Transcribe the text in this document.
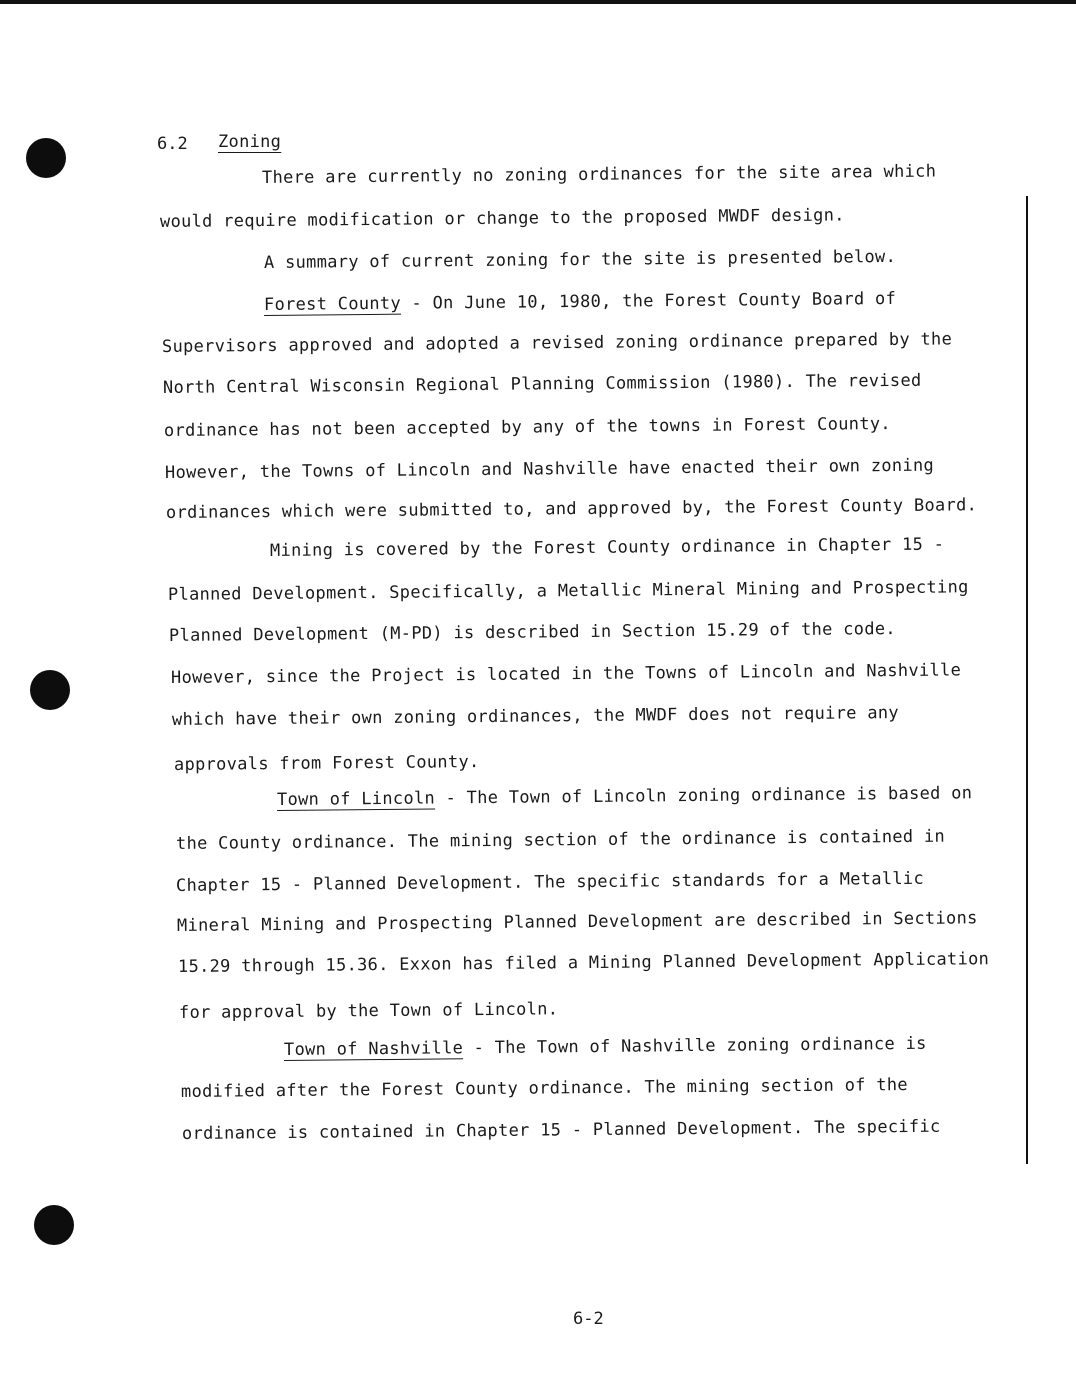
6.2 Zoning
There are currently no zoning ordinances for the site area which
would require modification or change to the proposed MWDF design.
A summary of current zoning for the site is presented below.
Forest County - On June 10, 1980, the Forest County Board of
Supervisors approved and adopted a revised zoning ordinance prepared by the
North Central Wisconsin Regional Planning Commission (1980). The revised
ordinance has not been accepted by any of the towns in Forest County.
However, the Towns of Lincoln and Nashville have enacted their own zoning
ordinances which were submitted to, and approved by, the Forest County Board.
Mining is covered by the Forest County ordinance in Chapter 15 -
Planned Development. Specifically, a Metallic Mineral Mining and Prospecting
Planned Development (M-PD) is described in Section 15.29 of the code.
However, since the Project is located in the Towns of Lincoln and Nashville
which have their own zoning ordinances, the MWDF does not require any
approvals from Forest County.
Town of Lincoln - The Town of Lincoln zoning ordinance is based on
the County ordinance. The mining section of the ordinance is contained in
Chapter 15 - Planned Development. The specific standards for a Metallic
Mineral Mining and Prospecting Planned Development are described in Sections
15.29 through 15.36. Exxon has filed a Mining Planned Development Application
for approval by the Town of Lincoln.
Town of Nashville - The Town of Nashville zoning ordinance is
modified after the Forest County ordinance. The mining section of the
ordinance is contained in Chapter 15 - Planned Development. The specific
6-2
